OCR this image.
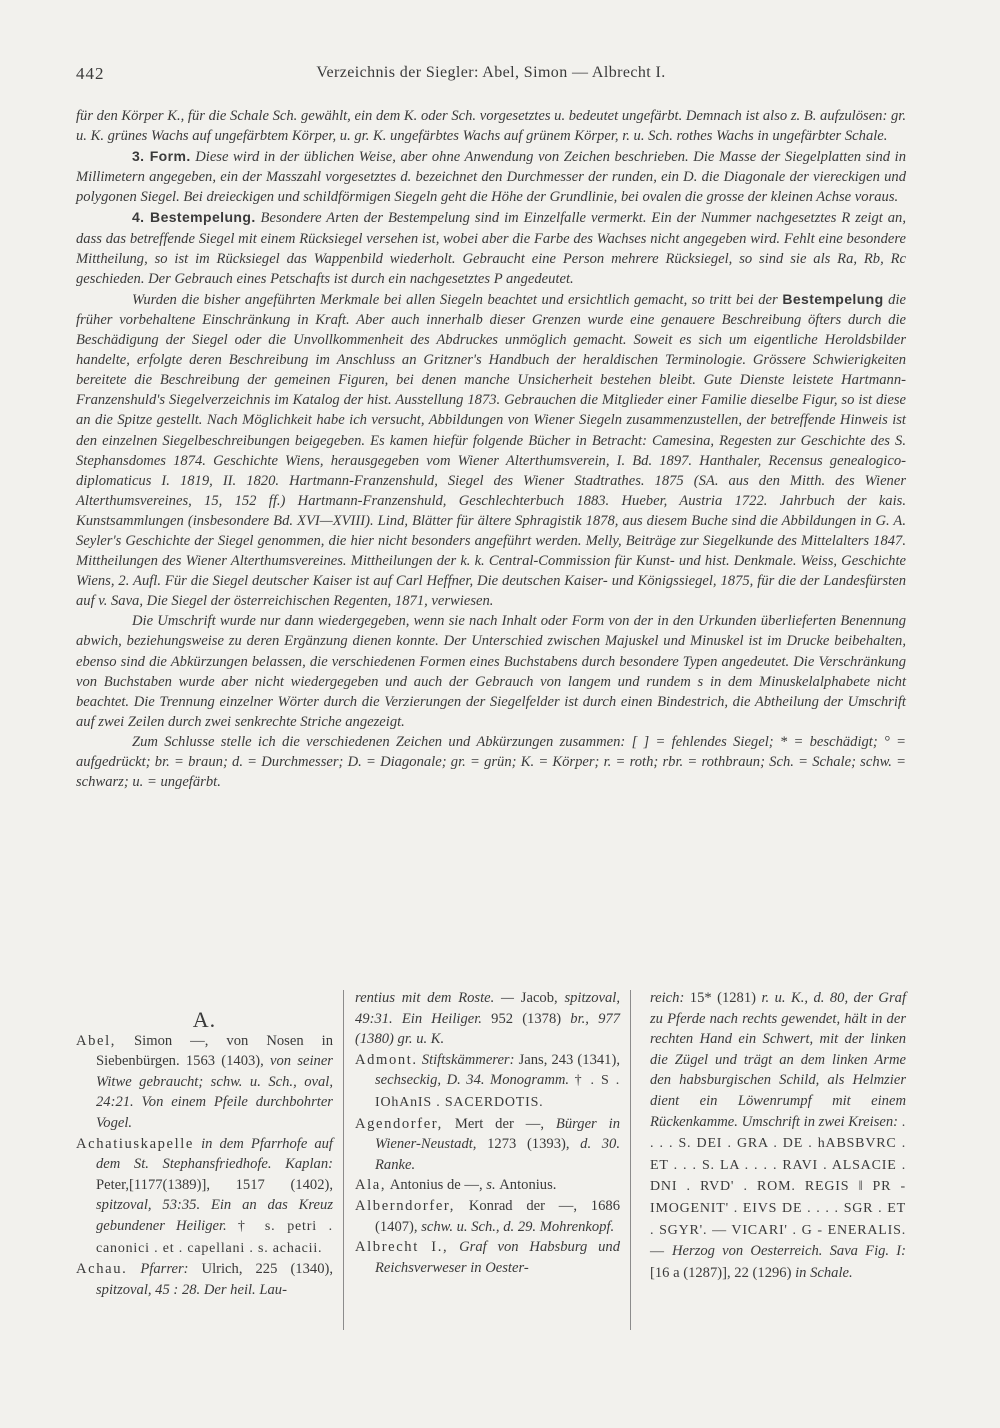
442	Verzeichnis der Siegler: Abel, Simon — Albrecht I.

für den Körper K., für die Schale Sch. gewählt, ein dem K. oder Sch. vorgesetztes u. bedeutet ungefärbt. Demnach ist also z. B. aufzulösen: gr. u. K. grünes Wachs auf ungefärbtem Körper, u. gr. K. ungefärbtes Wachs auf grünem Körper, r. u. Sch. rothes Wachs in ungefärbter Schale.

3. Form. Diese wird in der üblichen Weise, aber ohne Anwendung von Zeichen beschrieben. Die Masse der Siegelplatten sind in Millimetern angegeben, ein der Masszahl vorgesetztes d. bezeichnet den Durchmesser der runden, ein D. die Diagonale der viereckigen und polygonen Siegel. Bei dreieckigen und schildförmigen Siegeln geht die Höhe der Grundlinie, bei ovalen die grosse der kleinen Achse voraus.

4. Bestempelung. Besondere Arten der Bestempelung sind im Einzelfalle vermerkt. Ein der Nummer nachgesetztes R zeigt an, dass das betreffende Siegel mit einem Rücksiegel versehen ist, wobei aber die Farbe des Wachses nicht angegeben wird. Fehlt eine besondere Mittheilung, so ist im Rücksiegel das Wappenbild wiederholt. Gebraucht eine Person mehrere Rücksiegel, so sind sie als Ra, Rb, Rc geschieden. Der Gebrauch eines Petschafts ist durch ein nachgesetztes P angedeutet.

Wurden die bisher angeführten Merkmale bei allen Siegeln beachtet und ersichtlich gemacht, so tritt bei der Bestempelung die früher vorbehaltene Einschränkung in Kraft. Aber auch innerhalb dieser Grenzen wurde eine genauere Beschreibung öfters durch die Beschädigung der Siegel oder die Unvollkommenheit des Abdruckes unmöglich gemacht. Soweit es sich um eigentliche Heroldsbilder handelte, erfolgte deren Beschreibung im Anschluss an Gritzner's Handbuch der heraldischen Terminologie. Grössere Schwierigkeiten bereitete die Beschreibung der gemeinen Figuren, bei denen manche Unsicherheit bestehen bleibt. Gute Dienste leistete Hartmann-Franzenshuld's Siegelverzeichnis im Katalog der hist. Ausstellung 1873. Gebrauchen die Mitglieder einer Familie dieselbe Figur, so ist diese an die Spitze gestellt. Nach Möglichkeit habe ich versucht, Abbildungen von Wiener Siegeln zusammenzustellen, der betreffende Hinweis ist den einzelnen Siegelbeschreibungen beigegeben. Es kamen hiefür folgende Bücher in Betracht: Camesina, Regesten zur Geschichte des S. Stephansdomes 1874. Geschichte Wiens, herausgegeben vom Wiener Alterthumsverein, I. Bd. 1897. Hanthaler, Recensus genealogico-diplomaticus I. 1819, II. 1820. Hartmann-Franzenshuld, Siegel des Wiener Stadtrathes. 1875 (SA. aus den Mitth. des Wiener Alterthumsvereines, 15, 152 ff.) Hartmann-Franzenshuld, Geschlechterbuch 1883. Hueber, Austria 1722. Jahrbuch der kais. Kunstsammlungen (insbesondere Bd. XVI—XVIII). Lind, Blätter für ältere Sphragistik 1878, aus diesem Buche sind die Abbildungen in G. A. Seyler's Geschichte der Siegel genommen, die hier nicht besonders angeführt werden. Melly, Beiträge zur Siegelkunde des Mittelalters 1847. Mittheilungen des Wiener Alterthumsvereines. Mittheilungen der k. k. Central-Commission für Kunst- und hist. Denkmale. Weiss, Geschichte Wiens, 2. Aufl. Für die Siegel deutscher Kaiser ist auf Carl Heffner, Die deutschen Kaiser- und Königssiegel, 1875, für die der Landesfürsten auf v. Sava, Die Siegel der österreichischen Regenten, 1871, verwiesen.

Die Umschrift wurde nur dann wiedergegeben, wenn sie nach Inhalt oder Form von der in den Urkunden überlieferten Benennung abwich, beziehungsweise zu deren Ergänzung dienen konnte. Der Unterschied zwischen Majuskel und Minuskel ist im Drucke beibehalten, ebenso sind die Abkürzungen belassen, die verschiedenen Formen eines Buchstabens durch besondere Typen angedeutet. Die Verschränkung von Buchstaben wurde aber nicht wiedergegeben und auch der Gebrauch von langem und rundem s in dem Minuskelalphabete nicht beachtet. Die Trennung einzelner Wörter durch die Verzierungen der Siegelfelder ist durch einen Bindestrich, die Abtheilung der Umschrift auf zwei Zeilen durch zwei senkrechte Striche angezeigt.

Zum Schlusse stelle ich die verschiedenen Zeichen und Abkürzungen zusammen: [ ] = fehlendes Siegel; * = beschädigt; ° = aufgedrückt; br. = braun; d. = Durchmesser; D. = Diagonale; gr. = grün; K. = Körper; r. = roth; rbr. = rothbraun; Sch. = Schale; schw. = schwarz; u. = ungefärbt.

A.

Abel, Simon —, von Nosen in Siebenbürgen. 1563 (1403), von seiner Witwe gebraucht; schw. u. Sch., oval, 24:21. Von einem Pfeile durchbohrter Vogel.

Achatiuskapelle in dem Pfarrhofe auf dem St. Stephansfriedhofe. Kaplan: Peter,[1177(1389)], 1517 (1402), spitzoval, 53:35. Ein an das Kreuz gebundener Heiliger. † s. petri . canonici . et . capellani . s. achacii.

Achau. Pfarrer: Ulrich, 225 (1340), spitzoval, 45 : 28. Der heil. Lau-

rentius mit dem Roste. — Jacob, spitzoval, 49:31. Ein Heiliger. 952 (1378) br., 977 (1380) gr. u. K.

Admont. Stiftskämmerer: Jans, 243 (1341), sechseckig, D. 34. Monogramm. † . S . IOhAnIS . SACERDOTIS.

Agendorfer, Mert der —, Bürger in Wiener-Neustadt, 1273 (1393), d. 30. Ranke.

Ala, Antonius de —, s. Antonius.

Alberndorfer, Konrad der —, 1686 (1407), schw. u. Sch., d. 29. Mohrenkopf.

Albrecht I., Graf von Habsburg und Reichsverweser in Oester-

reich: 15* (1281) r. u. K., d. 80, der Graf zu Pferde nach rechts gewendet, hält in der rechten Hand ein Schwert, mit der linken die Zügel und trägt an dem linken Arme den habsburgischen Schild, als Helmzier dient ein Löwenrumpf mit einem Rückenkamme. Umschrift in zwei Kreisen: . . . . S. DEI . GRA . DE . hABSBVRC . ET . . . S. LA . . . . RAVI . ALSACIE . DNI . RVD' . ROM. REGIS ‖ PR - IMOGENIT' . EIVS DE . . . . SGR . ET . SGYR'. — VICARI' . G - ENERALIS. — Herzog von Oesterreich. Sava Fig. I: [16 a (1287)], 22 (1296) in Schale.
